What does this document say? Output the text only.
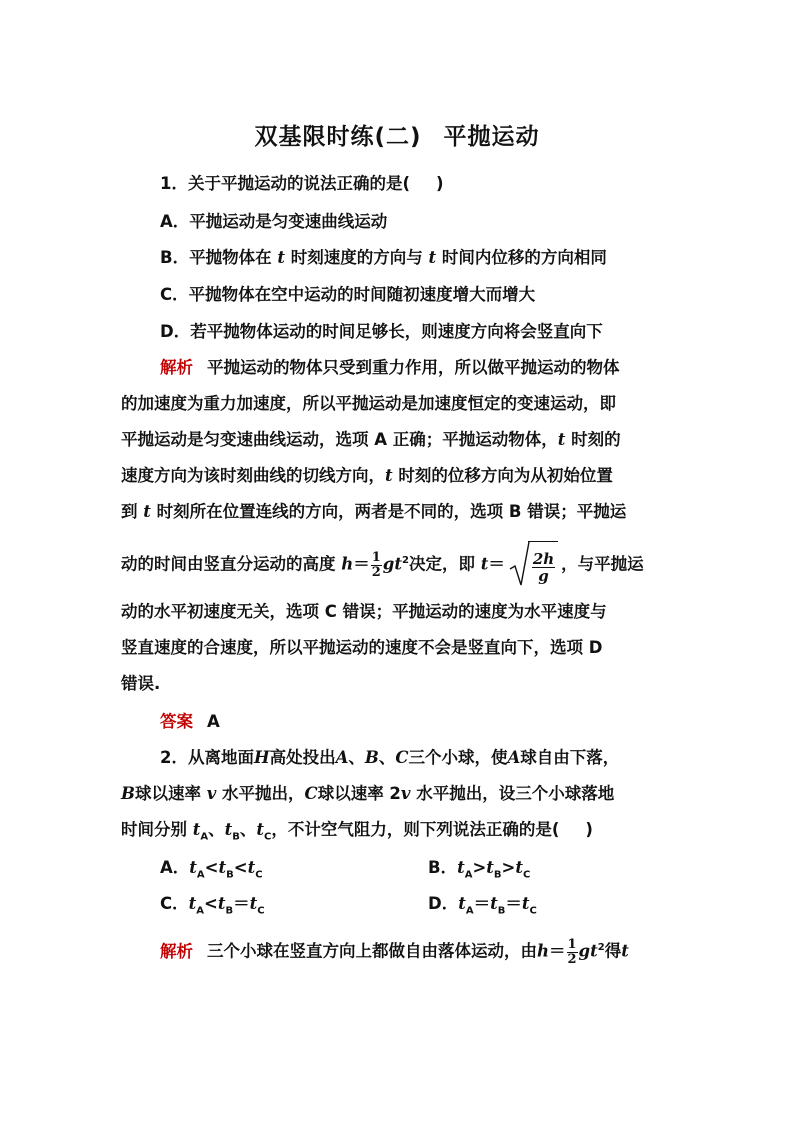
双基限时练(二) 平抛运动
1．关于平抛运动的说法正确的是( )
A．平抛运动是匀变速曲线运动
B．平抛物体在 t 时刻速度的方向与 t 时间内位移的方向相同
C．平抛物体在空中运动的时间随初速度增大而增大
D．若平抛物体运动的时间足够长，则速度方向将会竖直向下
解析 平抛运动的物体只受到重力作用，所以做平抛运动的物体
的加速度为重力加速度，所以平抛运动是加速度恒定的变速运动，即
平抛运动是匀变速曲线运动，选项 A 正确；平抛运动物体，t 时刻的
速度方向为该时刻曲线的切线方向，t 时刻的位移方向为从初始位置
到 t 时刻所在位置连线的方向，两者是不同的，选项 B 错误；平抛运
动的时间由竖直分运动的高度 $h= \frac{1}{2} gt^2$决定，即 $t= \frac{2h}{g}$ ，与平抛运
动的水平初速度无关，选项 C 错误；平抛运动的速度为水平速度与
竖直速度的合速度，所以平抛运动的速度不会是竖直向下，选项 D
错误.
答案 A
2．从离地面H高处投出A、B、C三个小球，使A球自由下落，
B球以速率 v 水平抛出，C球以速率 2v 水平抛出，设三个小球落地
时间分别 $t_A$、$t_B$、$t_C$，不计空气阻力，则下列说法正确的是( )
A．$t_A<t_B<t_C$	B．$t_A>t_B>t_C$
C．$t_A<t_B=t_C$	D．$t_A=t_B=t_C$
解析 三个小球在竖直方向上都做自由落体运动，由$h= \frac{1}{2} gt^2$得t
